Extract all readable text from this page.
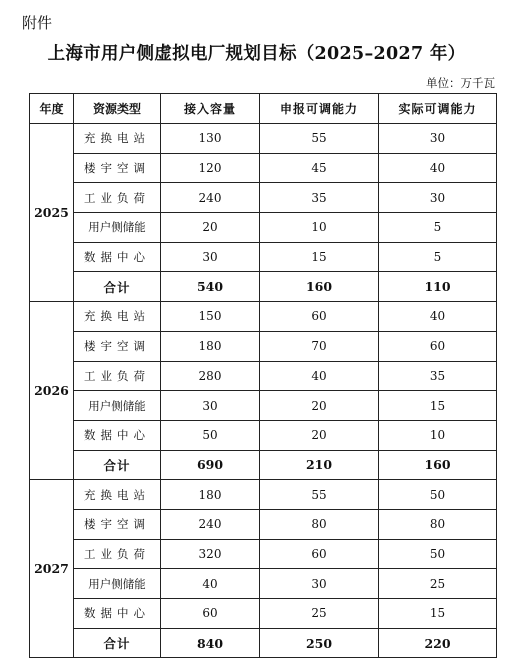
附件
上海市用户侧虚拟电厂规划目标（2025–2027 年）
单位：万千瓦
年度	资源类型	接入容量	申报可调能力	实际可调能力
2025	充换电站	130	55	30
	楼宇空调	120	45	40
	工业负荷	240	35	30
	用户侧储能	20	10	5
	数据中心	30	15	5
	合计	540	160	110
2026	充换电站	150	60	40
	楼宇空调	180	70	60
	工业负荷	280	40	35
	用户侧储能	30	20	15
	数据中心	50	20	10
	合计	690	210	160
2027	充换电站	180	55	50
	楼宇空调	240	80	80
	工业负荷	320	60	50
	用户侧储能	40	30	25
	数据中心	60	25	15
	合计	840	250	220
